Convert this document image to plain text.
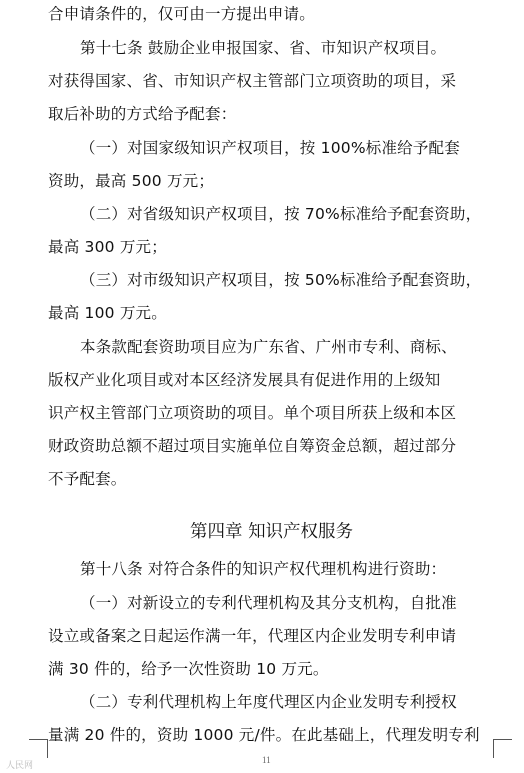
合申请条件的，仅可由一方提出申请。
第十七条 鼓励企业申报国家、省、市知识产权项目。
对获得国家、省、市知识产权主管部门立项资助的项目，采
取后补助的方式给予配套：
（一）对国家级知识产权项目，按 100%标准给予配套
资助，最高 500 万元；
（二）对省级知识产权项目，按 70%标准给予配套资助，
最高 300 万元；
（三）对市级知识产权项目，按 50%标准给予配套资助，
最高 100 万元。
本条款配套资助项目应为广东省、广州市专利、商标、
版权产业化项目或对本区经济发展具有促进作用的上级知
识产权主管部门立项资助的项目。单个项目所获上级和本区
财政资助总额不超过项目实施单位自筹资金总额，超过部分
不予配套。
第四章 知识产权服务
第十八条 对符合条件的知识产权代理机构进行资助：
（一）对新设立的专利代理机构及其分支机构，自批准
设立或备案之日起运作满一年，代理区内企业发明专利申请
满 30 件的，给予一次性资助 10 万元。
（二）专利代理机构上年度代理区内企业发明专利授权
量满 20 件的，资助 1000 元/件。在此基础上，代理发明专利
11
人民网
